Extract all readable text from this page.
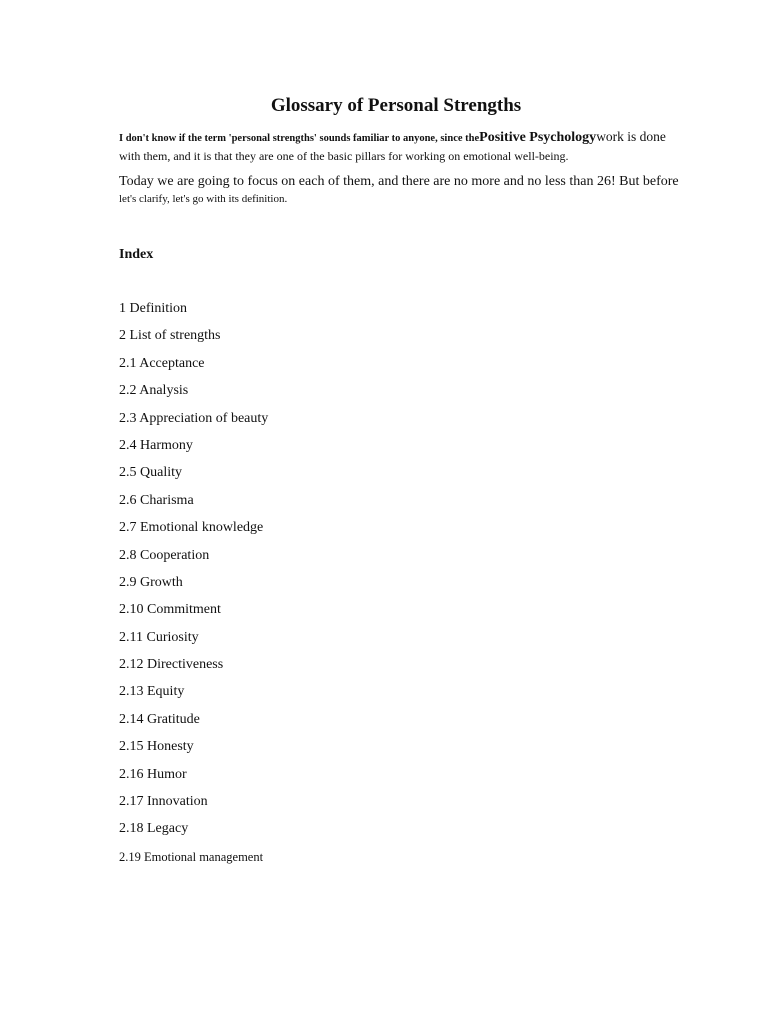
Glossary of Personal Strengths

I don't know if the term 'personal strengths' sounds familiar to anyone, since thePositive Psychologywork is done
with them, and it is that they are one of the basic pillars for working on emotional well-being.

Today we are going to focus on each of them, and there are no more and no less than 26! But before
let's clarify, let's go with its definition.

Index
1 Definition
2 List of strengths
2.1 Acceptance
2.2 Analysis
2.3 Appreciation of beauty
2.4 Harmony
2.5 Quality
2.6 Charisma
2.7 Emotional knowledge
2.8 Cooperation
2.9 Growth
2.10 Commitment
2.11 Curiosity
2.12 Directiveness
2.13 Equity
2.14 Gratitude
2.15 Honesty
2.16 Humor
2.17 Innovation
2.18 Legacy
2.19 Emotional management
